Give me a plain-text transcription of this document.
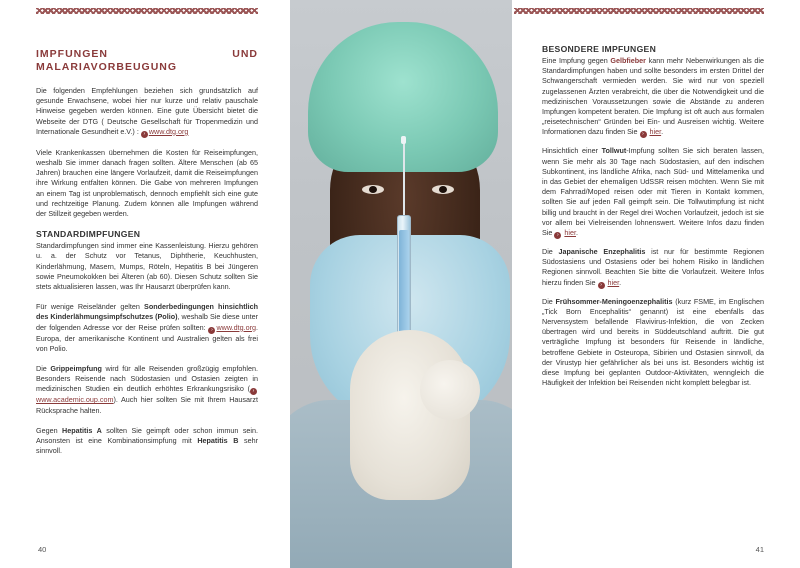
IMPFUNGEN UND MALARIAVORBEUGUNG
Die folgenden Empfehlungen beziehen sich grundsätzlich auf gesunde Erwachsene, wobei hier nur kurze und relativ pauschale Hinweise gegeben werden können. Eine gute Übersicht bietet die Webseite der DTG ( Deutsche Gesellschaft für Tropenmedizin und Internationale Gesundheit e.V.) : › www.dtg.org
Viele Krankenkassen übernehmen die Kosten für Reiseimpfungen, weshalb Sie immer danach fragen sollten. Ältere Menschen (ab 65 Jahren) brauchen eine längere Vorlaufzeit, damit die Reiseimpfungen ihre Wirkung entfalten können. Die Gabe von mehreren Impfungen an einem Tag ist unproblematisch, dennoch empfiehlt sich eine gute und rechtzeitige Planung. Zudem können alle Impfungen während der Stillzeit gegeben werden.
STANDARDIMPFUNGEN
Standardimpfungen sind immer eine Kassenleistung. Hierzu gehören u. a. der Schutz vor Tetanus, Diphtherie, Keuchhusten, Kinderlähmung, Masern, Mumps, Röteln, Hepatitis B bei Jüngeren sowie Pneumokokken bei Älteren (ab 60). Diesen Schutz sollten Sie stets aktualisieren lassen, was Ihr Hausarzt überprüfen kann.
Für wenige Reiseländer gelten Sonderbedingungen hinsichtlich des Kinderlähmungsimpfschutzes (Polio), weshalb Sie diese unter der folgenden Adresse vor der Reise prüfen sollten: › www.dtg.org. Europa, der amerikanische Kontinent und Australien gelten als frei von Polio.
Die Grippeimpfung wird für alle Reisenden großzügig empfohlen. Besonders Reisende nach Südostasien und Ostasien zeigten in medizinischen Studien ein deutlich erhöhtes Erkrankungsrisiko ( › www.academic.oup.com). Auch hier sollten Sie mit Ihrem Hausarzt Rücksprache halten.
Gegen Hepatitis A sollten Sie geimpft oder schon immun sein. Ansonsten ist eine Kombinationsimpfung mit Hepatitis B sehr sinnvoll.
BESONDERE IMPFUNGEN
Eine Impfung gegen Gelbfieber kann mehr Nebenwirkungen als die Standardimpfungen haben und sollte besonders im ersten Drittel der Schwangerschaft vermieden werden. Sie wird nur von speziell zugelassenen Ärzten verabreicht, die über die Notwendigkeit und die medizinischen Voraussetzungen sowie die Abstände zu anderen Impfungen kompetent beraten. Die Impfung ist oft auch aus formalen „reisetechnischen“ Gründen bei Ein- und Ausreisen wichtig. Weitere Informationen dazu finden Sie › hier.
Hinsichtlich einer Tollwut-Impfung sollten Sie sich beraten lassen, wenn Sie mehr als 30 Tage nach Südostasien, auf den indischen Subkontinent, ins ländliche Afrika, nach Süd- und Mittelamerika und in das Gebiet der ehemaligen UdSSR reisen möchten. Wenn Sie mit dem Fahrrad/Moped reisen oder mit Tieren in Kontakt kommen, sollten Sie auf jeden Fall geimpft sein. Die Tollwutimpfung ist nicht billig und braucht in der Regel drei Wochen Vorlaufzeit, jedoch ist sie vor allem bei Vielreisenden lohnenswert. Weitere Infos dazu finden Sie › hier.
Die Japanische Enzephalitis ist nur für bestimmte Regionen Südostasiens und Ostasiens oder bei hohem Risiko in ländlichen Regionen sinnvoll. Beachten Sie bitte die Vorlaufzeit. Weitere Infos hierzu finden Sie › hier.
Die Frühsommer-Meningoenzephalitis (kurz FSME, im Englischen „Tick Born Encephalitis“ genannt) ist eine ebenfalls das Nervensystem befallende Flavivirus-Infektion, die von Zecken übertragen wird und bereits in Süddeutschland auftritt. Die gut verträgliche Impfung ist besonders für Reisende in ländliche, betroffene Gebiete in Osteuropa, Sibirien und Ostasien sinnvoll, da der Virustyp hier gefährlicher als bei uns ist. Besonders wichtig ist diese Impfung bei geplanten Outdoor-Aktivitäten, wenngleich die Häufigkeit der Infektion bei Reisenden nicht komplett belegbar ist.
40	41
